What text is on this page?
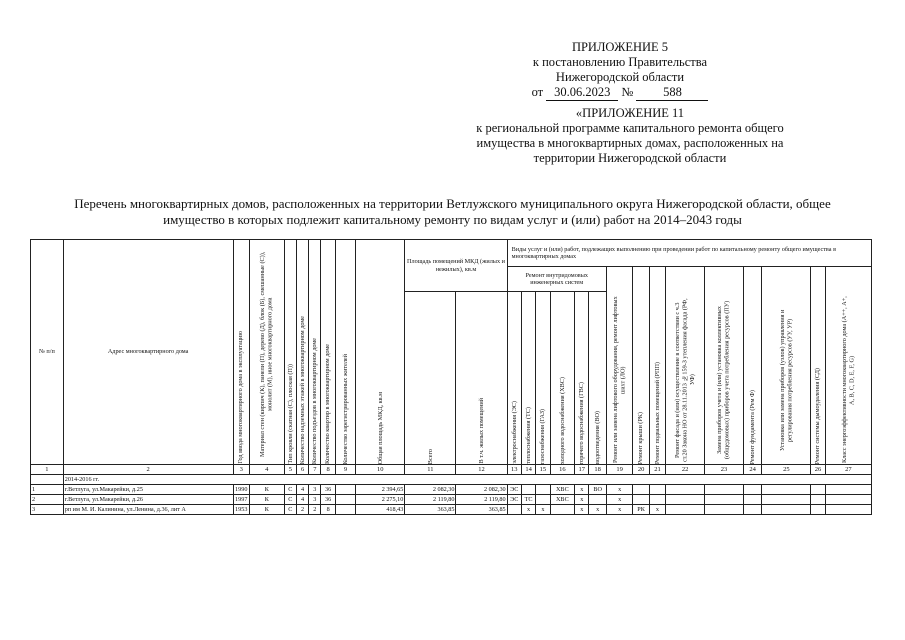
ПРИЛОЖЕНИЕ 5
к постановлению Правительства
Нижегородской области
от 30.06.2023 № 588
«ПРИЛОЖЕНИЕ 11
к региональной программе капитального ремонта общего
имущества в многоквартирных домах, расположенных на
территории Нижегородской области
Перечень многоквартирных домов, расположенных на территории Ветлужского муниципального округа Нижегородской области, общее
имущество в которых подлежит капитальному ремонту по видам услуг и (или) работ на 2014–2043 годы
№ п/п	Адрес многоквартирного дома	Год ввода многоквартирного дома в эксплуатацию	Материал стен (кирпич (К), панели (П), дерево (Д), блок (Б), смешанные (С)), монолит (М), иное многоквартирного дома	Тип кровли (скатная (С), плоская (П))	Количество надземных этажей в многоквартирном доме	Количество подъездов в многоквартирном доме	Количество квартир в многоквартирном доме	Количество зарегистрированных жителей	Общая площадь МКД, кв.м	Площадь помещений МКД (жилых и нежилых), кв.м		Виды услуг и (или) работ, подлежащих выполнению при проведении работ по капитальному ремонту общего имущества в многоквартирных домах														
												Ремонт внутридомовых инженерных систем						Ремонт или замена лифтового оборудования, ремонт лифтовых шахт (ЛО)	Ремонт крыши (РК)	Ремонт подвальных помещений (РПП)	Ремонт фасада и (или) осуществление в соответствии с ч.3 ст.20 Закона НО от 28.11.2013 №159-З утепления фасада (РФ, УФ)	Замена приборов учета и (или) установка коллективных (общедомовых) приборов учета потребления ресурсов (ПУ)	Ремонт фундамента (Рем Ф)	Установка или замена приборов (узлов) управления и регулирования потребления ресурсов (УУ, УР)	Ремонт системы дымоудаления (СД)	Класс энергоэффективности многоквартирного дома (А++, А+, А, В, С, D, E, F, G)

										Всего	В т.ч. жилых помещений	электроснабжения (ЭС)	теплоснабжения (ТС)	газоснабжения (ГАЗ)	холодного водоснабжения (ХВС)	горячего водоснабжения (ГВС)	водоотведения (ВО)									

1	2	3	4	5	6	7	8	9	10	11	12	13	14	15	16	17	18	19	20	21	22	23	24	25	26	27
	2014-2016 гг.																									
1	г.Ветлуга, ул.Макарейки, д.25	1990	К	С	4	3	36		2 394,65	2 082,30	2 082,30	ЭС			ХВС	х	ВО	х								
2	г.Ветлуга, ул.Макарейки, д.26	1997	К	С	4	3	36		2 275,10	2 119,80	2 119,80	ЭС	ТС		ХВС	х		х								
3	рп им М. И. Калинина, ул.Ленина, д.36, лит А	1953	К	С	2	2	8		418,43	363,85	363,85		х	х		х	х	х	РК	х						
